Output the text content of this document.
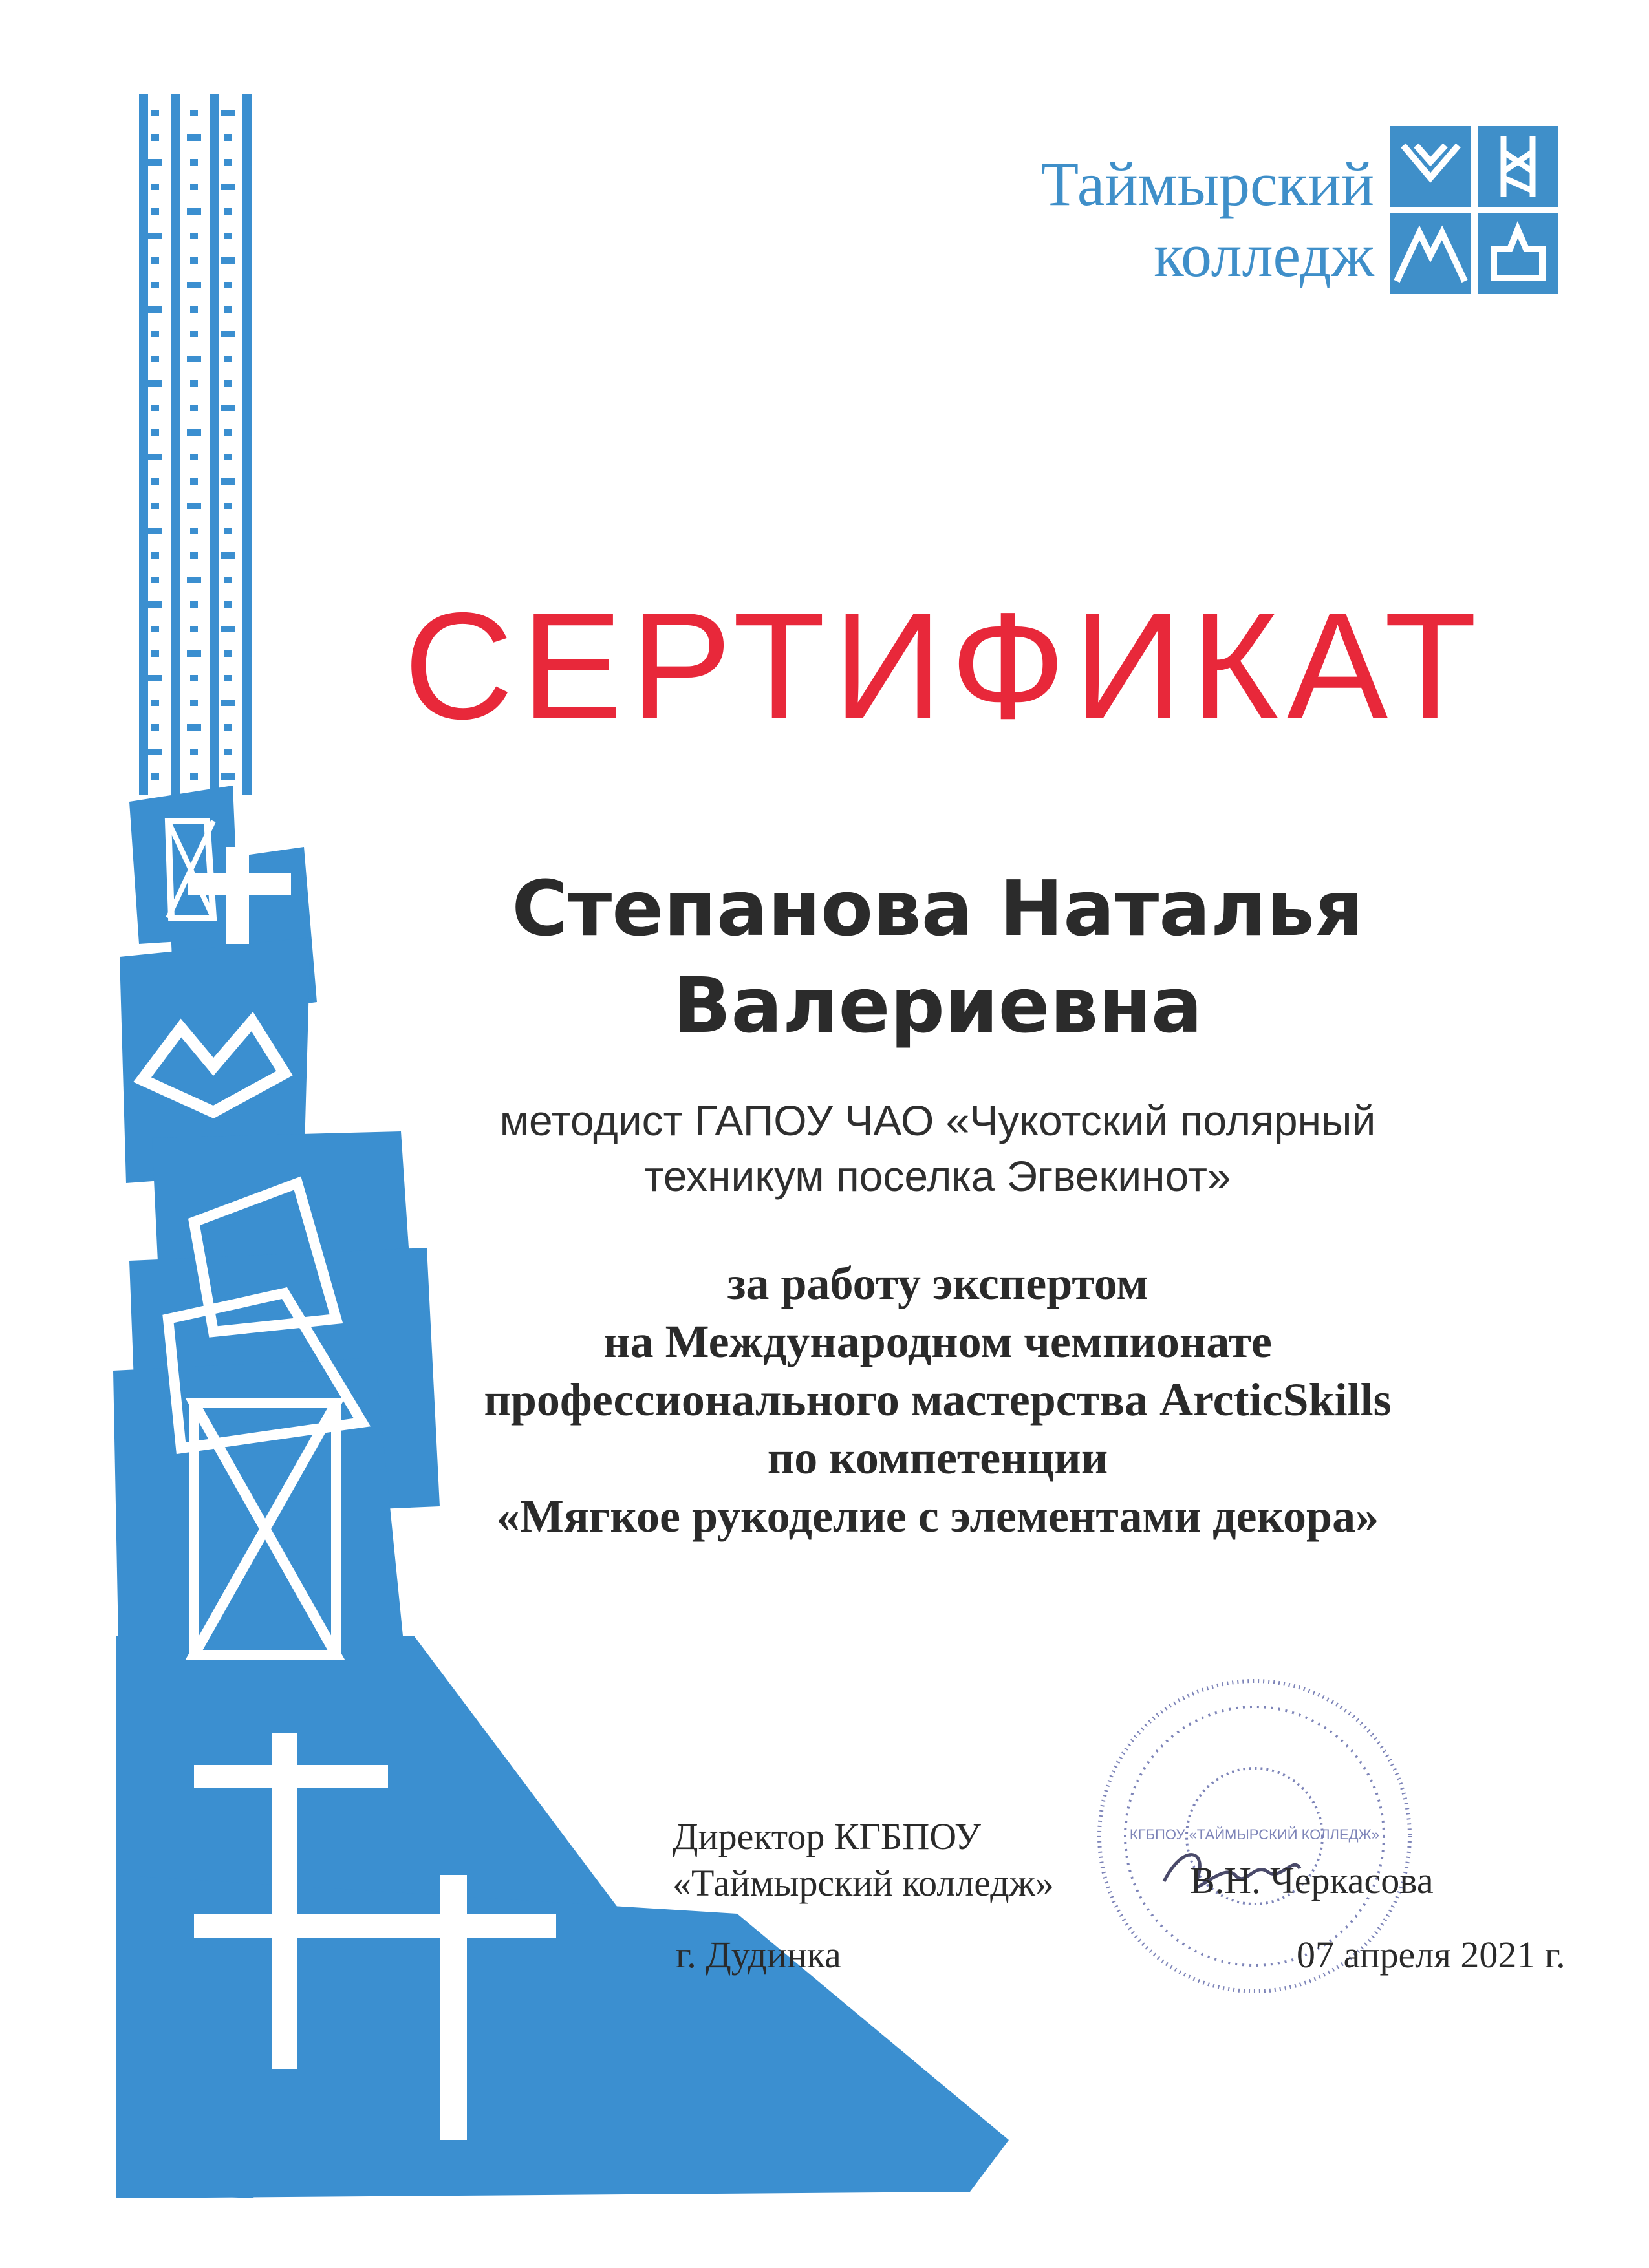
Таймырский
колледж
СЕРТИФИКАТ
Степанова Наталья
Валериевна
методист ГАПОУ ЧАО «Чукотский полярный
техникум поселка Эгвекинот»
за работу экспертом
на Международном чемпионате
профессионального мастерства ArcticSkills
по компетенции
«Мягкое рукоделие с элементами декора»
КГБПОУ «ТАЙМЫРСКИЙ КОЛЛЕДЖ»
Директор КГБПОУ
«Таймырский колледж»	В.Н. Черкасова
г. Дудинка	07 апреля 2021 г.
